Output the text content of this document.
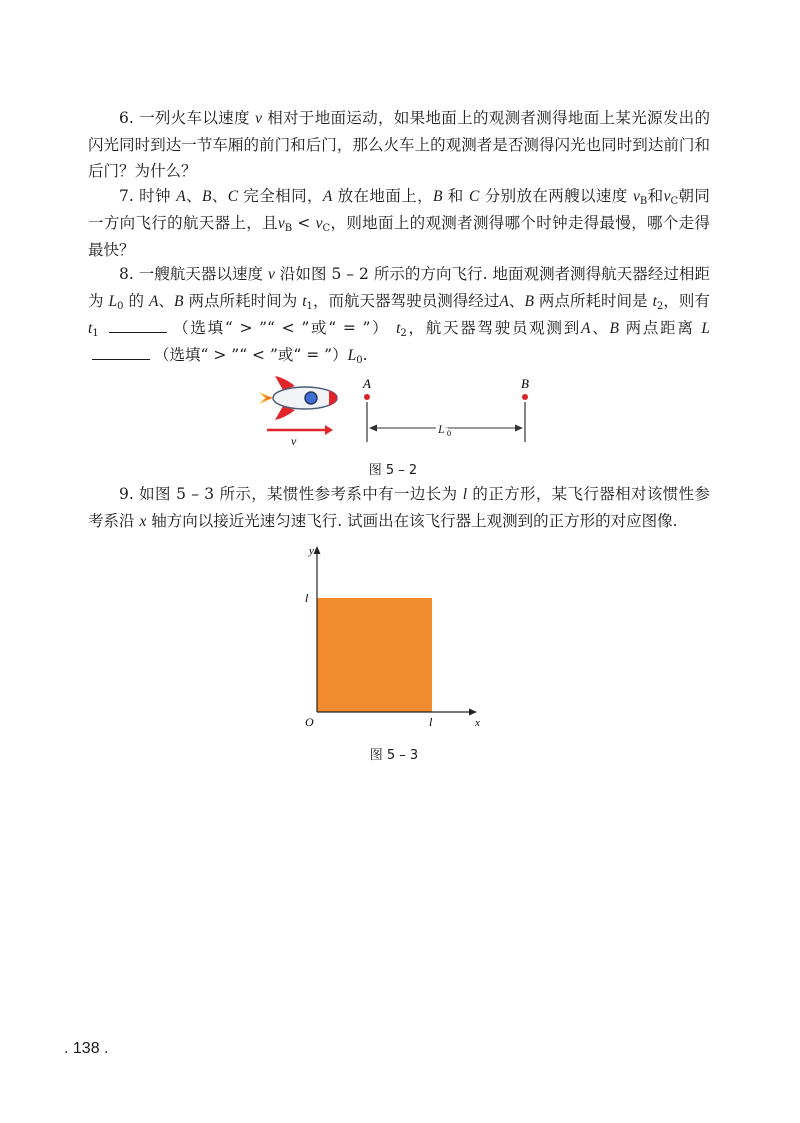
6. 一列火车以速度 v 相对于地面运动，如果地面上的观测者测得地面上某光源发出的闪光同时到达一节车厢的前门和后门，那么火车上的观测者是否测得闪光也同时到达前门和后门？为什么？
7. 时钟 A、B、C 完全相同，A 放在地面上，B 和 C 分别放在两艘以速度 $v_B$和$v_C$朝同一方向飞行的航天器上，且$v_B < v_C$，则地面上的观测者测得哪个时钟走得最慢，哪个走得最快？
8. 一艘航天器以速度 v 沿如图 5 – 2 所示的方向飞行. 地面观测者测得航天器经过相距为 $L_0$ 的 A、B 两点所耗时间为 $t_1$，而航天器驾驶员测得经过A、B 两点所耗时间是 $t_2$，则有 $t_1$	（选填“ > ”“ < ”或“ = ”） $t_2$，航天器驾驶员观测到A、B 两点距离 L （选填“ > ”“ < ”或“ = $”)L_0$.
v
A	B
L 0
图 5 – 2
9. 如图 5 – 3 所示，某惯性参考系中有一边长为 l 的正方形，某飞行器相对该惯性参考系沿 x 轴方向以接近光速匀速飞行. 试画出在该飞行器上观测到的正方形的对应图像.
y
x
O
l
l
图 5 – 3
. 138 .
